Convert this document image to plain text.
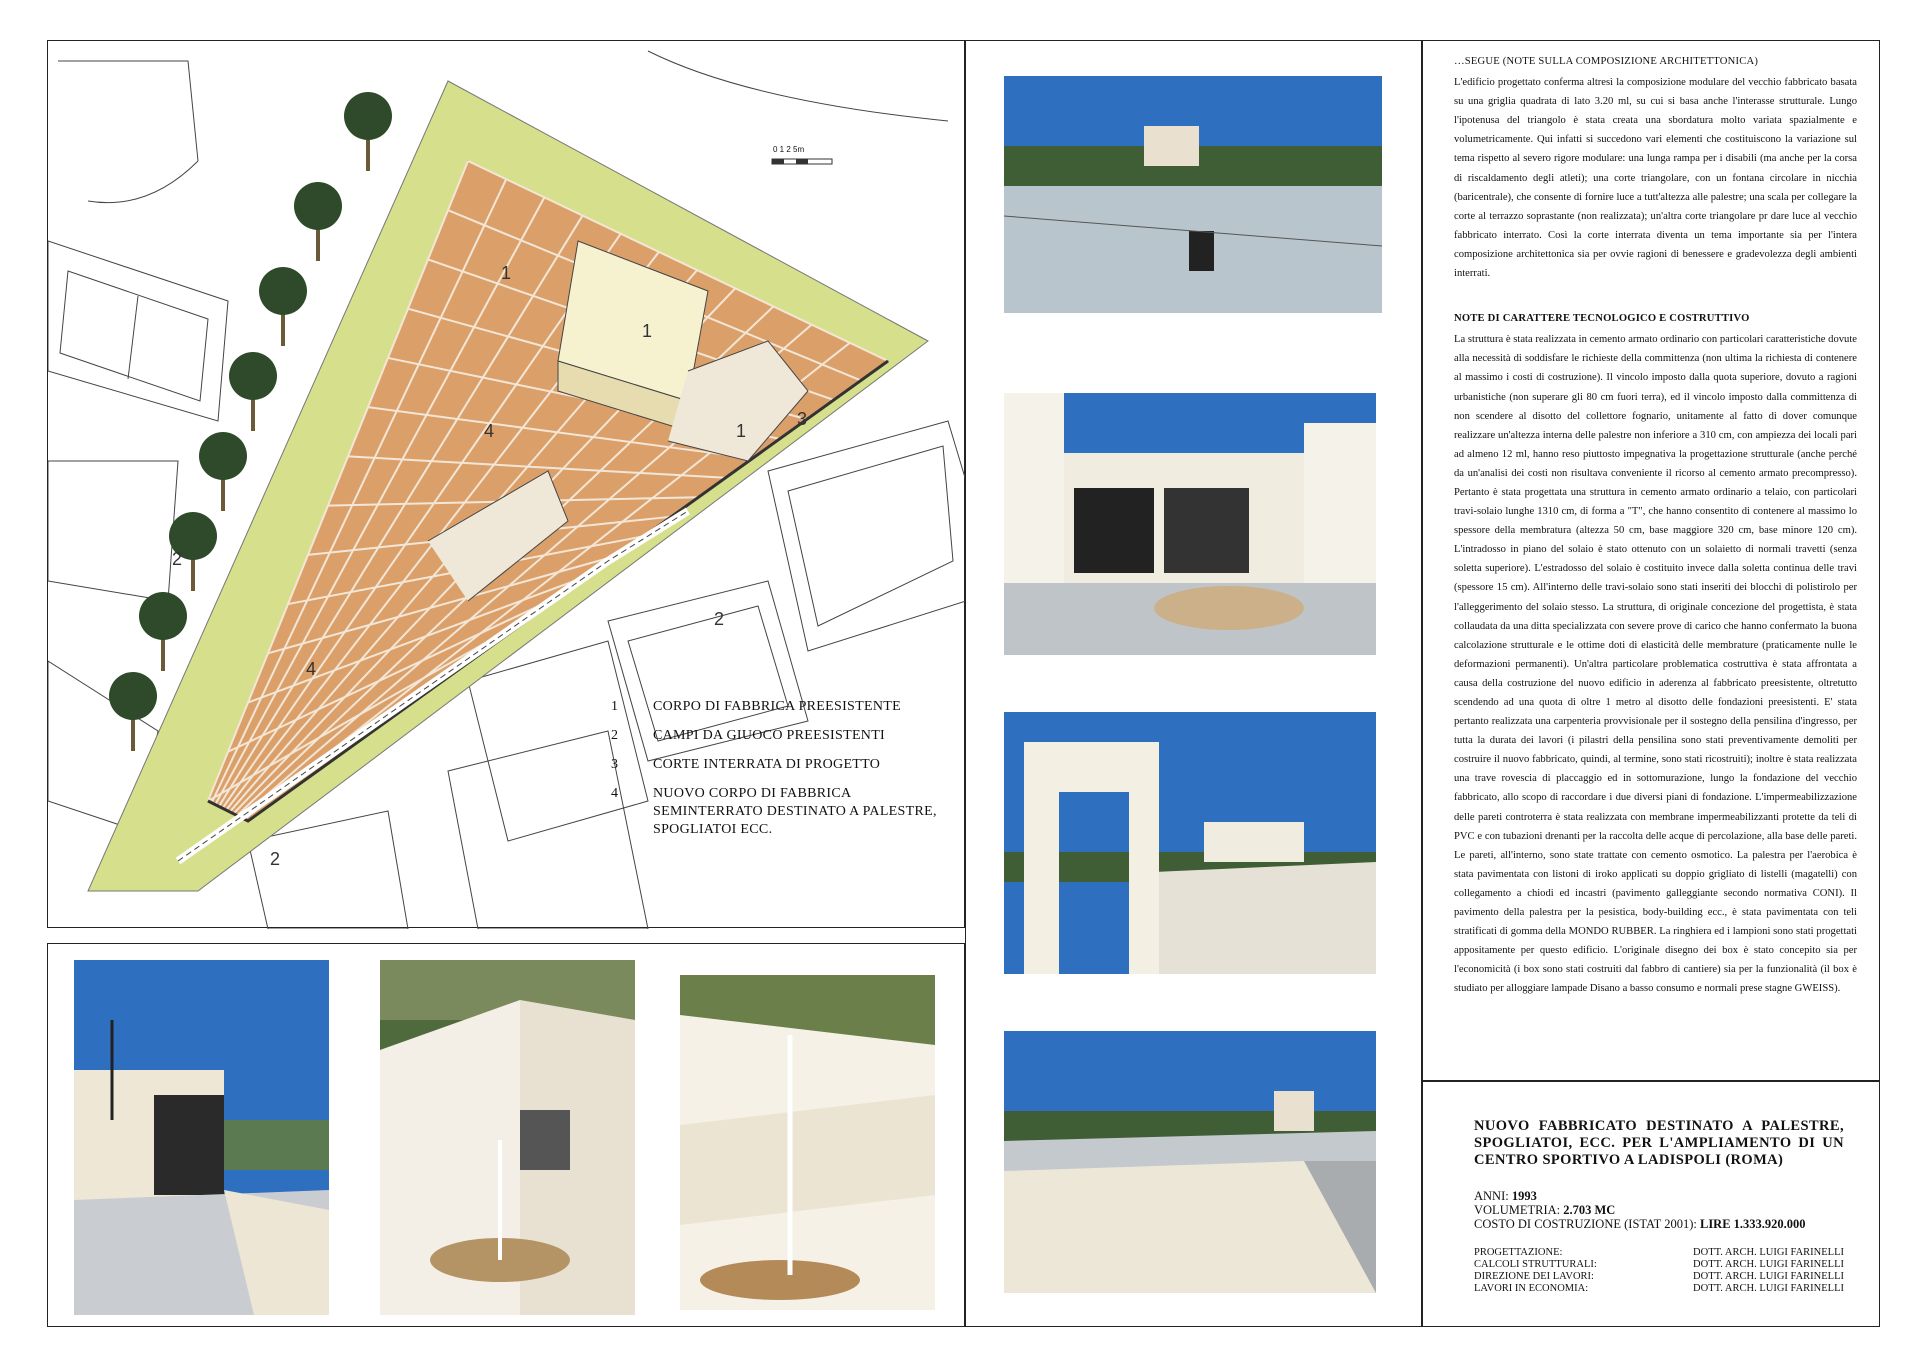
0 1 2 5m
1
1
1
3
4
4
2
2
2
1	CORPO DI FABBRICA PREESISTENTE
2	CAMPI DA GIUOCO PREESISTENTI
3	CORTE INTERRATA DI PROGETTO
4	NUOVO CORPO DI FABBRICA SEMINTERRATO DESTINATO A PALESTRE, SPOGLIATOI ECC.
…SEGUE (NOTE SULLA COMPOSIZIONE ARCHITETTONICA)

L'edificio progettato conferma altresì la composizione modulare del vecchio fabbricato basata su una griglia quadrata di lato 3.20 ml, su cui si basa anche l'interasse strutturale. Lungo l'ipotenusa del triangolo è stata creata una sbordatura molto variata spazialmente e volumetricamente. Qui infatti si succedono vari elementi che costituiscono la variazione sul tema rispetto al severo rigore modulare: una lunga rampa per i disabili (ma anche per la corsa di riscaldamento degli atleti); una corte triangolare, con un fontana circolare in nicchia (baricentrale), che consente di fornire luce a tutt'altezza alle palestre; una scala per collegare la corte al terrazzo soprastante (non realizzata); un'altra corte triangolare pr dare luce al vecchio fabbricato interrato. Così la corte interrata diventa un tema importante sia per l'intera composizione architettonica sia per ovvie ragioni di benessere e gradevolezza degli ambienti interrati.

NOTE DI CARATTERE TECNOLOGICO E COSTRUTTIVO

La struttura è stata realizzata in cemento armato ordinario con particolari caratteristiche dovute alla necessità di soddisfare le richieste della committenza (non ultima la richiesta di contenere al massimo i costi di costruzione). Il vincolo imposto dalla quota superiore, dovuto a ragioni urbanistiche (non superare gli 80 cm fuori terra), ed il vincolo imposto dalla committenza di non scendere al disotto del collettore fognario, unitamente al fatto di dover comunque realizzare un'altezza interna delle palestre non inferiore a 310 cm, con ampiezza dei locali pari ad almeno 12 ml, hanno reso piuttosto impegnativa la progettazione strutturale (anche perché da un'analisi dei costi non risultava conveniente il ricorso al cemento armato precompresso). Pertanto è stata progettata una struttura in cemento armato ordinario a telaio, con particolari travi-solaio lunghe 1310 cm, di forma a "T", che hanno consentito di contenere al massimo lo spessore della membratura (altezza 50 cm, base maggiore 320 cm, base minore 120 cm). L'intradosso in piano del solaio è stato ottenuto con un solaietto di normali travetti (senza soletta superiore). L'estradosso del solaio è costituito invece dalla soletta continua delle travi (spessore 15 cm). All'interno delle travi-solaio sono stati inseriti dei blocchi di polistirolo per l'alleggerimento del solaio stesso. La struttura, di originale concezione del progettista, è stata collaudata da una ditta specializzata con severe prove di carico che hanno confermato la buona calcolazione strutturale e le ottime doti di elasticità delle membrature (praticamente nulle le deformazioni permanenti). Un'altra particolare problematica costruttiva è stata affrontata a causa della costruzione del nuovo edificio in aderenza al fabbricato preesistente, oltretutto scendendo ad una quota di oltre 1 metro al disotto delle fondazioni preesistenti. E' stata pertanto realizzata una carpenteria provvisionale per il sostegno della pensilina d'ingresso, per tutta la durata dei lavori (i pilastri della pensilina sono stati preventivamente demoliti per costruire il nuovo fabbricato, quindi, al termine, sono stati ricostruiti); inoltre è stata realizzata una trave rovescia di placcaggio ed in sottomurazione, lungo la fondazione del vecchio fabbricato, allo scopo di raccordare i due diversi piani di fondazione. L'impermeabilizzazione delle pareti controterra è stata realizzata con membrane impermeabilizzanti protette da teli di PVC e con tubazioni drenanti per la raccolta delle acque di percolazione, alla base delle pareti. Le pareti, all'interno, sono state trattate con cemento osmotico. La palestra per l'aerobica è stata pavimentata con listoni di iroko applicati su doppio grigliato di listelli (magatelli) con collegamento a chiodi ed incastri (pavimento galleggiante secondo normativa CONI). Il pavimento della palestra per la pesistica, body-building ecc., è stata pavimentata con teli stratificati di gomma della MONDO RUBBER. La ringhiera ed i lampioni sono stati progettati appositamente per questo edificio. L'originale disegno dei box è stato concepito sia per l'economicità (i box sono stati costruiti dal fabbro di cantiere) sia per la funzionalità (il box è studiato per alloggiare lampade Disano a basso consumo e normali prese stagne GWEISS).

NUOVO FABBRICATO DESTINATO A PALESTRE, SPOGLIATOI, ECC. PER L'AMPLIAMENTO DI UN CENTRO SPORTIVO A LADISPOLI (ROMA)
ANNI: 1993
VOLUMETRIA: 2.703 MC
COSTO DI COSTRUZIONE (ISTAT 2001): LIRE 1.333.920.000
PROGETTAZIONE:	DOTT. ARCH. LUIGI FARINELLI
CALCOLI STRUTTURALI:	DOTT. ARCH. LUIGI FARINELLI
DIREZIONE DEI LAVORI:	DOTT. ARCH. LUIGI FARINELLI
LAVORI IN ECONOMIA:	DOTT. ARCH. LUIGI FARINELLI
